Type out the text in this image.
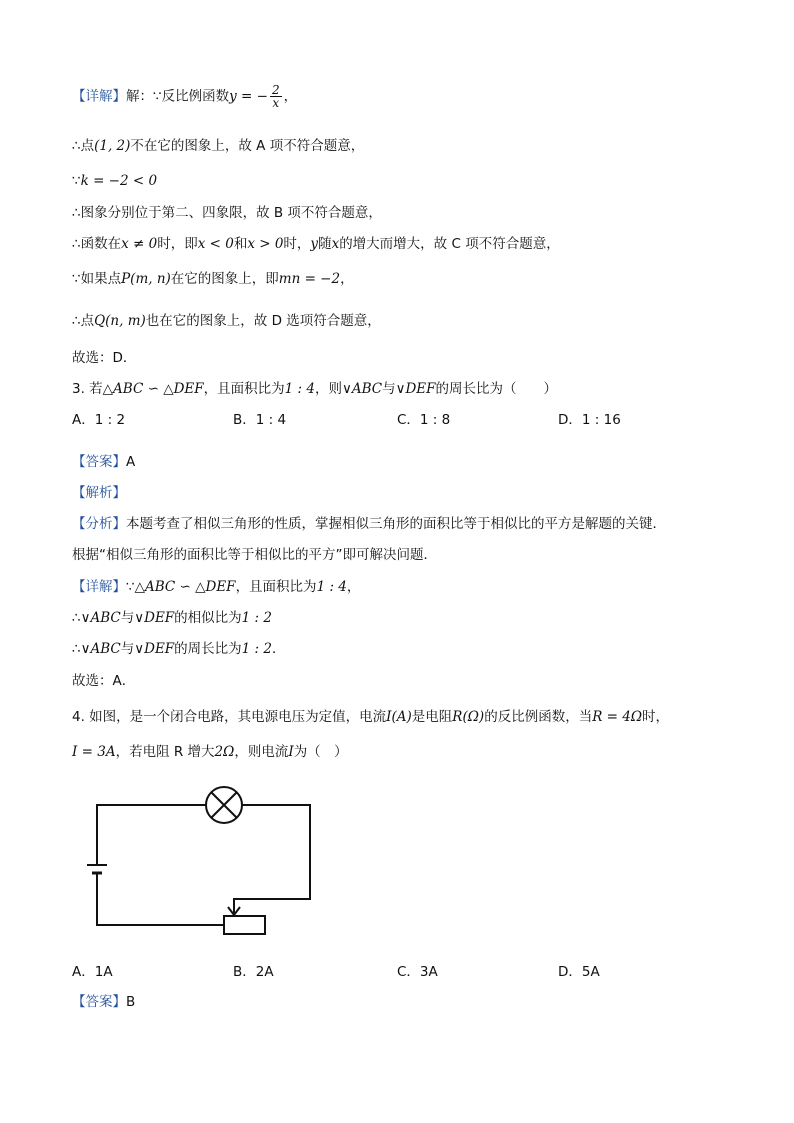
【详解】解：∵反比例函数y = − $\frac{2}{x}$ ，
∴点(1, 2)不在它的图象上，故 A 项不符合题意，
∵k = −2 < 0
∴图象分别位于第二、四象限，故 B 项不符合题意，
∴函数在x ≠ 0时，即x < 0和x > 0时，y随x的增大而增大，故 C 项不符合题意，
∵如果点P(m, n)在它的图象上，即mn = −2，
∴点Q(n, m)也在它的图象上，故 D 选项符合题意，
故选：D．
3. 若△ABC ∽ △DEF，且面积比为1 : 4，则∨ABC与∨DEF的周长比为（　　）
A．1 : 2	B．1 : 4	C．1 : 8	D．1 : 16
【答案】A
【解析】
【分析】本题考查了相似三角形的性质，掌握相似三角形的面积比等于相似比的平方是解题的关键．
根据“相似三角形的面积比等于相似比的平方”即可解决问题．
【详解】∵△ABC ∽ △DEF，且面积比为1 : 4，
∴∨ABC与∨DEF的相似比为1 : 2
∴∨ABC与∨DEF的周长比为1 : 2．
故选：A．
4. 如图，是一个闭合电路，其电源电压为定值，电流I(A)是电阻R(Ω)的反比例函数，当R = 4Ω时，
I = 3A，若电阻 R 增大2Ω，则电流I为（　）
A．1A	B．2A	C．3A	D．5A
【答案】B
